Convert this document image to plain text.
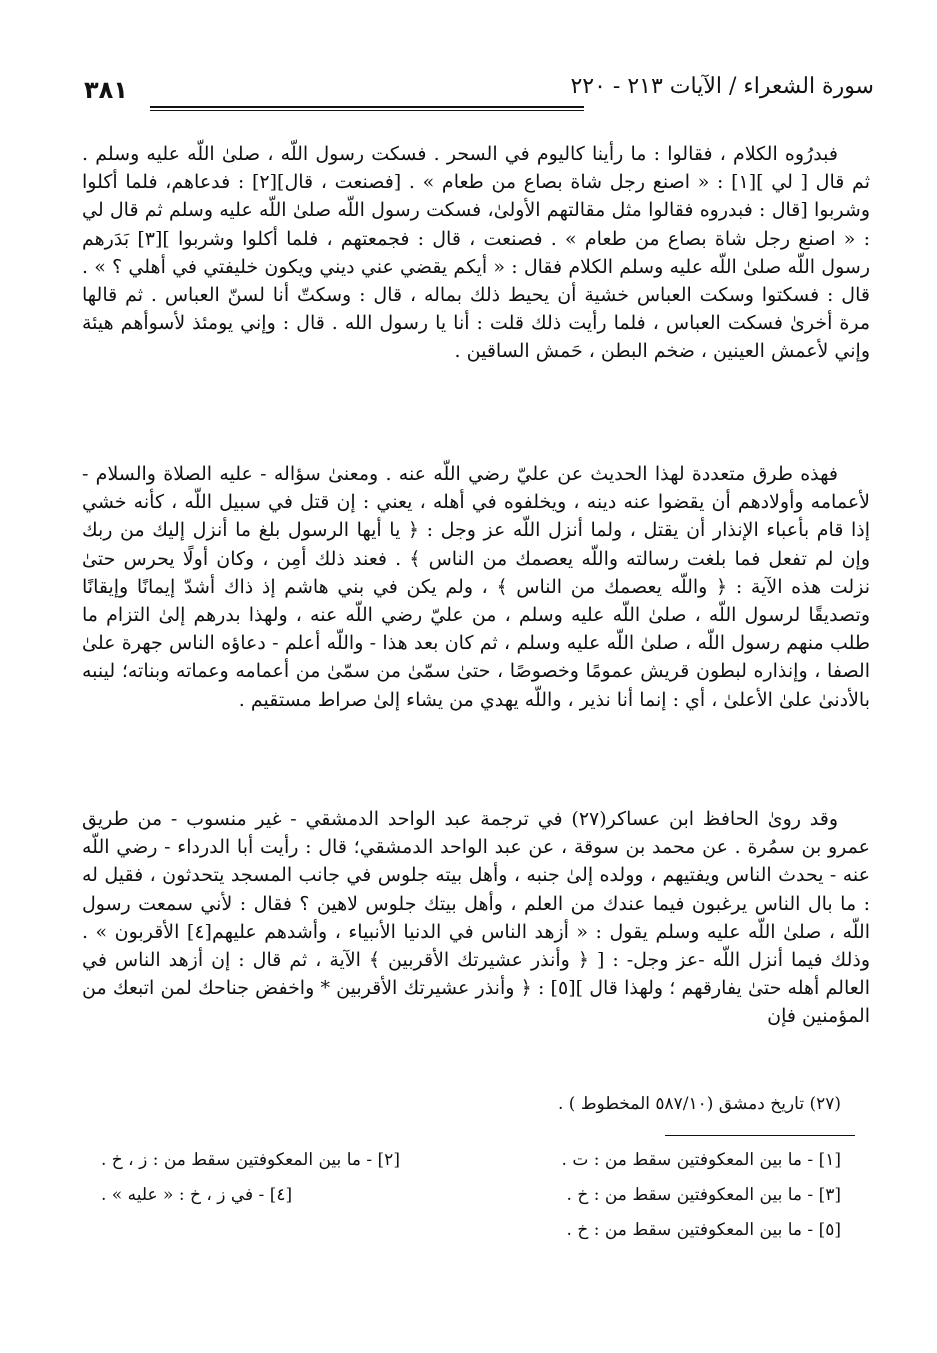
٣٨١	سورة الشعراء / الآيات ٢١٣ - ٢٢٠

فبدرُوه الكلام ، فقالوا : ما رأينا كاليوم في السحر . فسكت رسول اللّه ، صلىٰ اللّه عليه وسلم . ثم قال [ لي ][١] : « اصنع رجل شاة بصاع من طعام » . [فصنعت ، قال][٢] : فدعاهم، فلما أكلوا وشربوا [قال : فبدروه فقالوا مثل مقالتهم الأولىٰ، فسكت رسول اللّه صلىٰ اللّه عليه وسلم ثم قال لي : « اصنع رجل شاة بصاع من طعام » . فصنعت ، قال : فجمعتهم ، فلما أكلوا وشربوا ][٣] بَدَرهم رسول اللّه صلىٰ اللّه عليه وسلم الكلام فقال : « أيكم يقضي عني ديني ويكون خليفتي في أهلي ؟ » . قال : فسكتوا وسكت العباس خشية أن يحيط ذلك بماله ، قال : وسكتّ أنا لسنّ العباس . ثم قالها مرة أخرىٰ فسكت العباس ، فلما رأيت ذلك قلت : أنا يا رسول الله . قال : وإني يومئذ لأسوأهم هيئة وإني لأعمش العينين ، ضخم البطن ، حَمش الساقين .

فهذه طرق متعددة لهذا الحديث عن عليّ رضي اللّه عنه . ومعنىٰ سؤاله - عليه الصلاة والسلام - لأعمامه وأولادهم أن يقضوا عنه دينه ، ويخلفوه في أهله ، يعني : إن قتل في سبيل اللّه ، كأنه خشي إذا قام بأعباء الإنذار أن يقتل ، ولما أنزل اللّه عز وجل : ﴿ يا أيها الرسول بلغ ما أنزل إليك من ربك وإن لم تفعل فما بلغت رسالته واللّه يعصمك من الناس ﴾ . فعند ذلك أمِن ، وكان أولًا يحرس حتىٰ نزلت هذه الآية : ﴿ واللّه يعصمك من الناس ﴾ ، ولم يكن في بني هاشم إذ ذاك أشدّ إيمانًا وإيقانًا وتصديقًا لرسول اللّه ، صلىٰ اللّه عليه وسلم ، من عليّ رضي اللّه عنه ، ولهذا بدرهم إلىٰ التزام ما طلب منهم رسول اللّه ، صلىٰ اللّه عليه وسلم ، ثم كان بعد هذا - واللّه أعلم - دعاؤه الناس جهرة علىٰ الصفا ، وإنذاره لبطون قريش عمومًا وخصوصًا ، حتىٰ سمّىٰ من سمّىٰ من أعمامه وعماته وبناته؛ لينبه بالأدنىٰ علىٰ الأعلىٰ ، أي : إنما أنا نذير ، واللّه يهدي من يشاء إلىٰ صراط مستقيم .

وقد روىٰ الحافظ ابن عساكر(٢٧) في ترجمة عبد الواحد الدمشقي - غير منسوب - من طريق عمرو بن سمُرة . عن محمد بن سوقة ، عن عبد الواحد الدمشقي؛ قال : رأيت أبا الدرداء - رضي اللّه عنه - يحدث الناس ويفتيهم ، وولده إلىٰ جنبه ، وأهل بيته جلوس في جانب المسجد يتحدثون ، فقيل له : ما بال الناس يرغبون فيما عندك من العلم ، وأهل بيتك جلوس لاهين ؟ فقال : لأني سمعت رسول اللّه ، صلىٰ اللّه عليه وسلم يقول : « أزهد الناس في الدنيا الأنبياء ، وأشدهم عليهم[٤] الأقربون » . وذلك فيما أنزل اللّه -عز وجل- : [ ﴿ وأنذر عشيرتك الأقربين ﴾ الآية ، ثم قال : إن أزهد الناس في العالم أهله حتىٰ يفارقهم ؛ ولهذا قال ][٥] : ﴿ وأنذر عشيرتك الأقربين * واخفض جناحك لمن اتبعك من المؤمنين فإن

(٢٧) تاريخ دمشق (٥٨٧/١٠ المخطوط ) .
[١] - ما بين المعكوفتين سقط من : ت .
[٢] - ما بين المعكوفتين سقط من : ز ، خ .
[٣] - ما بين المعكوفتين سقط من : خ .
[٤] - في ز ، خ : « عليه » .
[٥] - ما بين المعكوفتين سقط من : خ .
